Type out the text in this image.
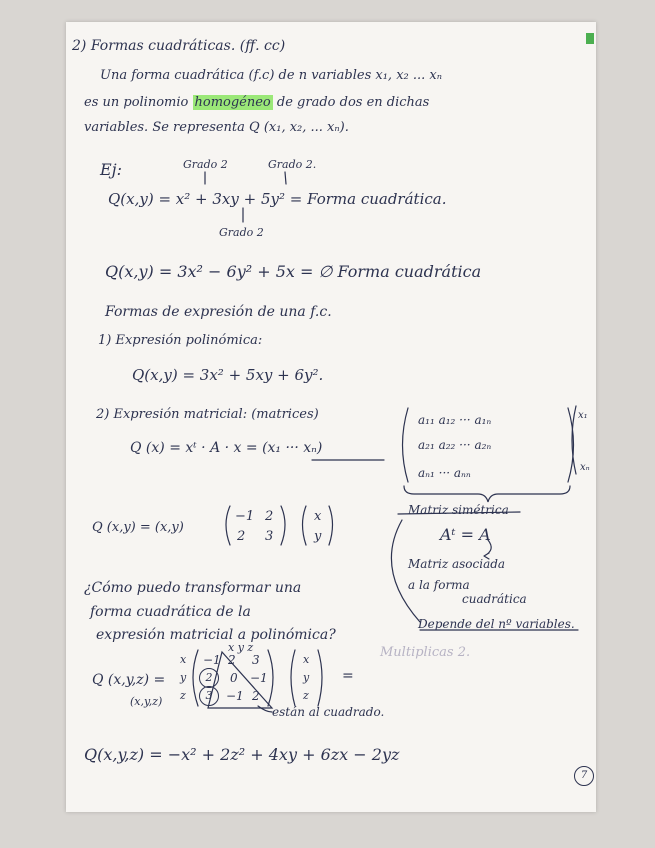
2) Formas cuadráticas. (ff. cc)
Una forma cuadrática (f.c) de n variables x₁, x₂ ... xₙ
es un polinomio homogéneo de grado dos en dichas
variables. Se representa Q (x₁, x₂, ... xₙ).
Ej:	Grado 2	Grado 2.
Q(x,y) = x² + 3xy + 5y² = Forma cuadrática.
Grado 2
Q(x,y) = 3x² − 6y² + 5x = ∅ Forma cuadrática
Formas de expresión de una f.c.
1) Expresión polinómica:
Q(x,y) = 3x² + 5xy + 6y².
2) Expresión matricial: (matrices)
Q (x) = xᵗ · A · x = (x₁ ··· xₙ)
a₁₁ a₁₂ ··· a₁ₙ
a₂₁ a₂₂ ··· a₂ₙ
aₙ₁ ··· aₙₙ
x₁
xₙ
Q (x,y) = (x,y)
−1 2
2 3
x
y
Matriz simétrica
Aᵗ = A
Matriz asociada
a la forma
cuadrática
Depende del nº variables.
¿Cómo puedo transformar una
forma cuadrática de la
expresión matricial a polinómica?
Multiplicas 2.
x y z
x
y
z
Q (x,y,z) =
(x,y,z)
−1 2 3
2	0 −1
3	−1 2
x
y
z
=
están al cuadrado.
Q(x,y,z) = −x² + 2z² + 4xy + 6zx − 2yz
7
